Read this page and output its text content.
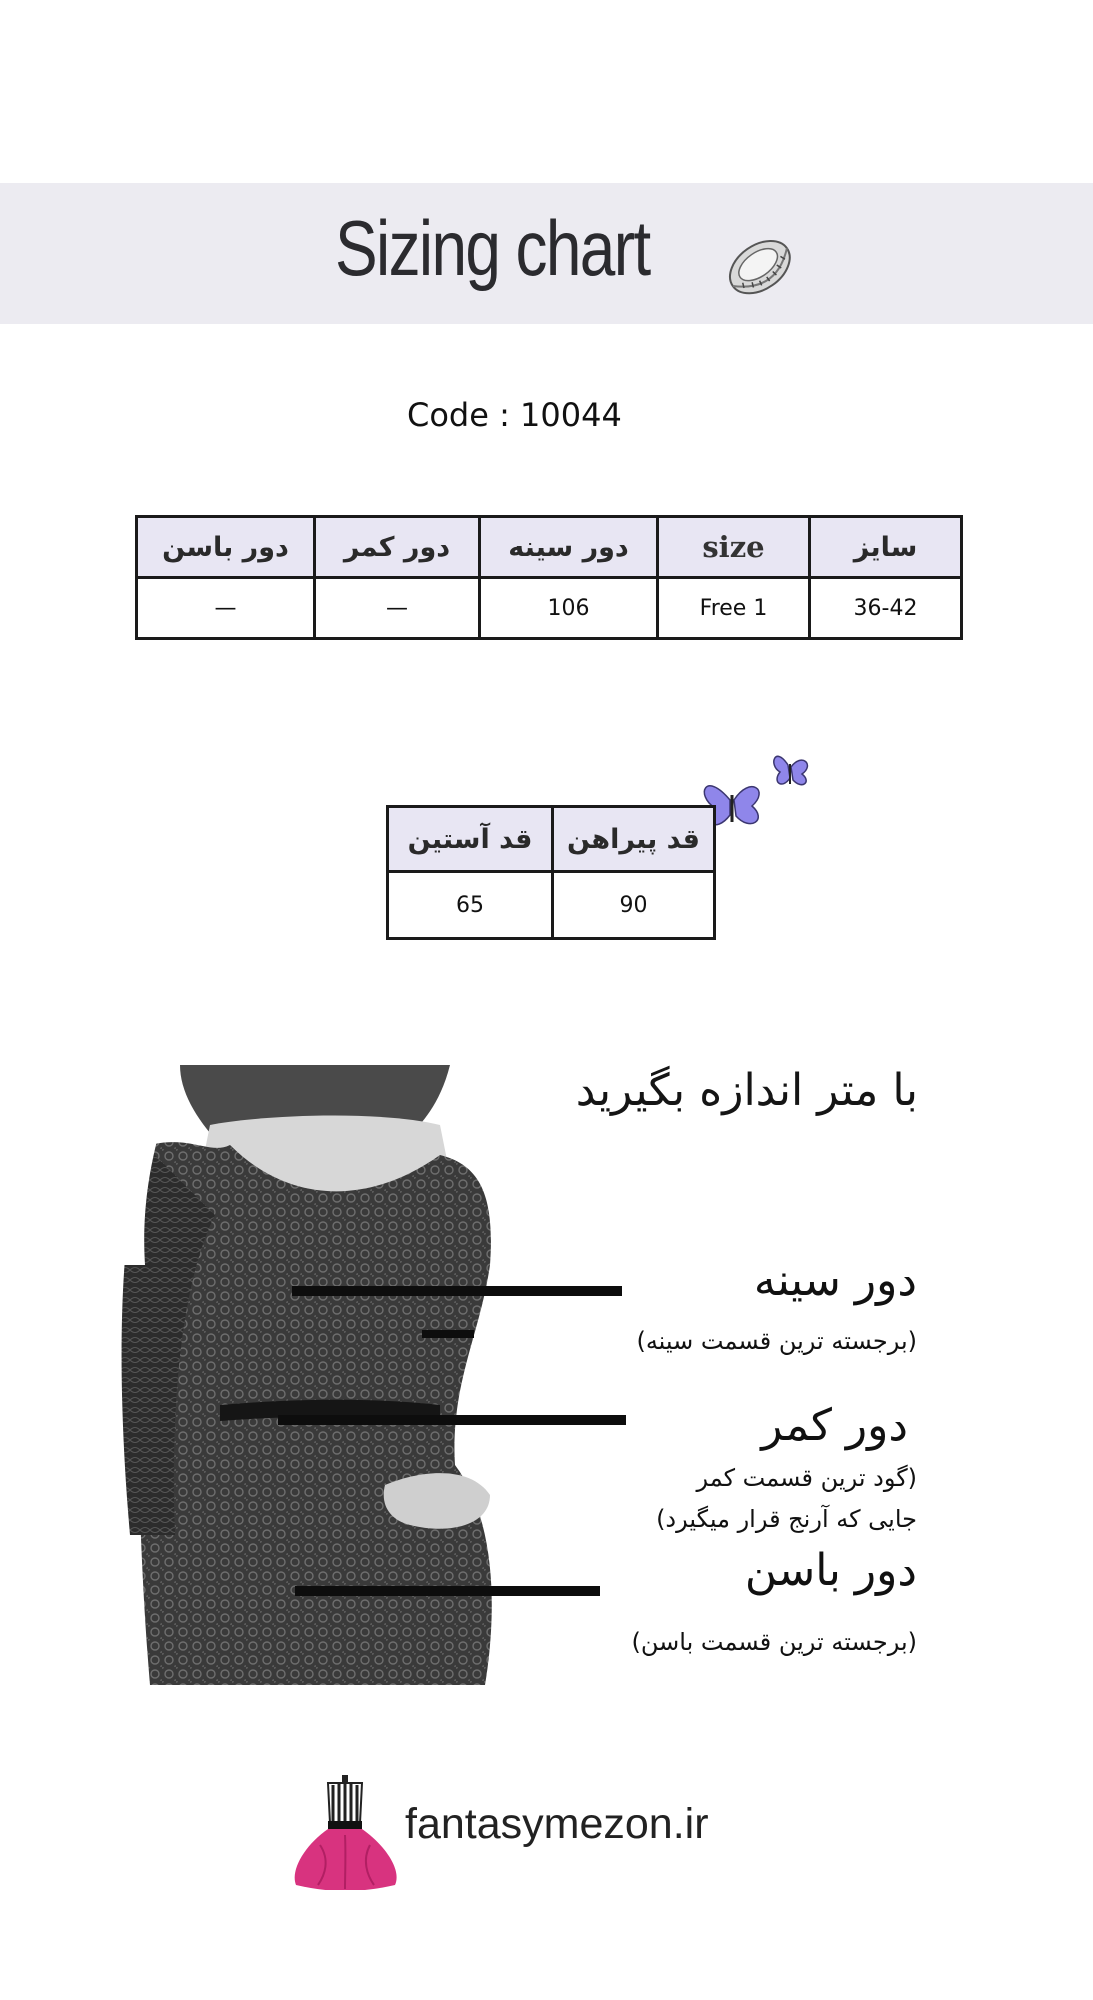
Sizing chart
Code : 10044
دور باسن	دور کمر	دور سینه	size	سایز
—	—	106	Free 1	36-42
قد آستین	قد پیراهن
65	90
با متر اندازه بگیرید
دور سینه
(برجسته ترین قسمت سینه)
دور کمر
(گود ترین قسمت کمر
جایی که آرنج قرار میگیرد)
دور باسن
(برجسته ترین قسمت باسن)
fantasymezon.ir
